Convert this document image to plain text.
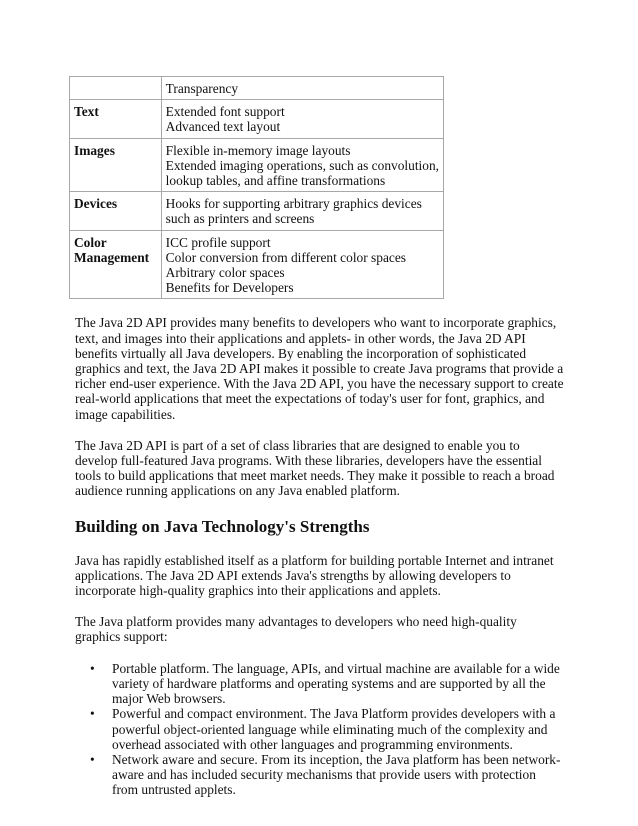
	Transparency

Text	Extended font support
Advanced text layout

Images	Flexible in-memory image layouts
Extended imaging operations, such as convolution,
lookup tables, and affine transformations

Devices	Hooks for supporting arbitrary graphics devices
such as printers and screens

Color Management	ICC profile support
Color conversion from different color spaces
Arbitrary color spaces
Benefits for Developers

The Java 2D API provides many benefits to developers who want to incorporate graphics, text, and images into their applications and applets- in other words, the Java 2D API benefits virtually all Java developers. By enabling the incorporation of sophisticated graphics and text, the Java 2D API makes it possible to create Java programs that provide a richer end-user experience. With the Java 2D API, you have the necessary support to create real-world applications that meet the expectations of today's user for font, graphics, and image capabilities.

The Java 2D API is part of a set of class libraries that are designed to enable you to develop full-featured Java programs. With these libraries, developers have the essential tools to build applications that meet market needs. They make it possible to reach a broad audience running applications on any Java enabled platform.

Building on Java Technology's Strengths

Java has rapidly established itself as a platform for building portable Internet and intranet applications. The Java 2D API extends Java's strengths by allowing developers to incorporate high-quality graphics into their applications and applets.

The Java platform provides many advantages to developers who need high-quality graphics support:

• Portable platform. The language, APIs, and virtual machine are available for a wide variety of hardware platforms and operating systems and are supported by all the major Web browsers.
• Powerful and compact environment. The Java Platform provides developers with a powerful object-oriented language while eliminating much of the complexity and overhead associated with other languages and programming environments.
• Network aware and secure. From its inception, the Java platform has been network-aware and has included security mechanisms that provide users with protection from untrusted applets.
